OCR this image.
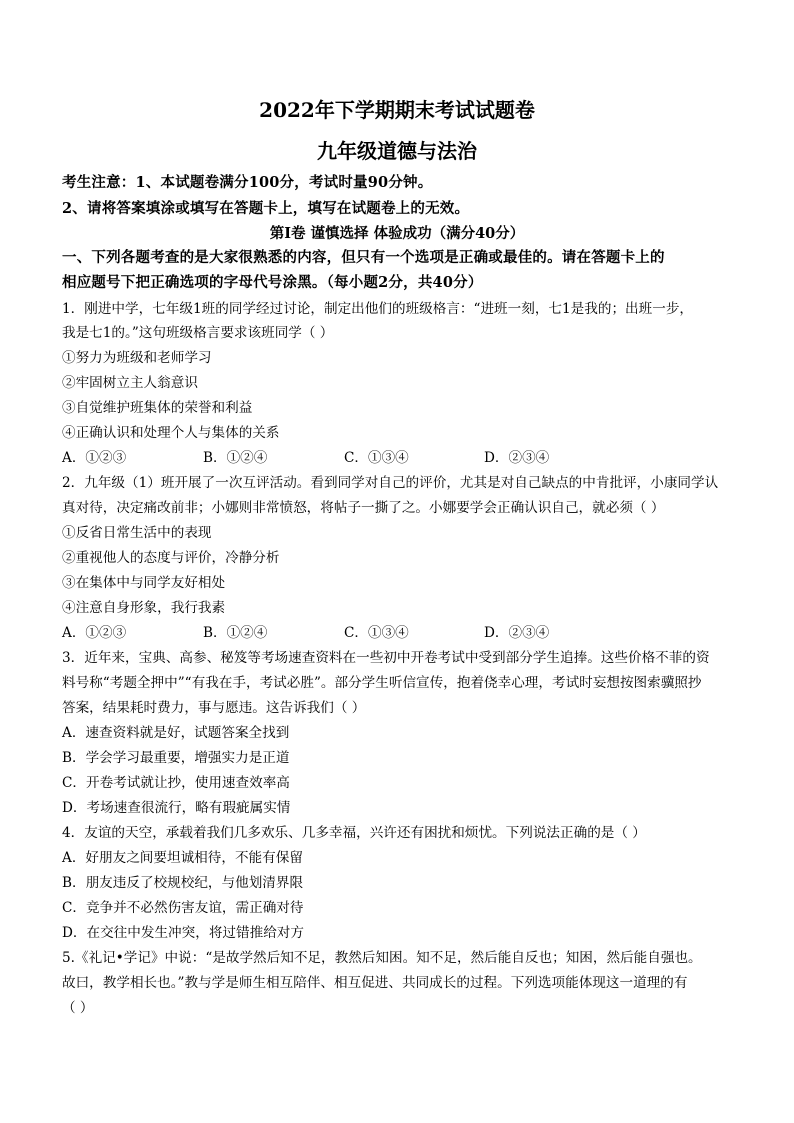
2022年下学期期末考试试题卷
九年级道德与法治
考生注意：1、本试题卷满分100分，考试时量90分钟。
2、请将答案填涂或填写在答题卡上，填写在试题卷上的无效。
第Ⅰ卷 谨慎选择 体验成功（满分40分）
一、下列各题考查的是大家很熟悉的内容，但只有一个选项是正确或最佳的。请在答题卡上的
相应题号下把正确选项的字母代号涂黑。（每小题2分，共40分）
1．刚进中学，七年级1班的同学经过讨论，制定出他们的班级格言：“进班一刻，七1是我的；出班一步，
我是七1的。”这句班级格言要求该班同学（ ）
①努力为班级和老师学习
②牢固树立主人翁意识
③自觉维护班集体的荣誉和利益
④正确认识和处理个人与集体的关系
A．①②③	B．①②④	C．①③④	D．②③④
2．九年级（1）班开展了一次互评活动。看到同学对自己的评价，尤其是对自己缺点的中肯批评，小康同学认
真对待，决定痛改前非；小娜则非常愤怒，将帖子一撕了之。小娜要学会正确认识自己，就必须（ ）
①反省日常生活中的表现
②重视他人的态度与评价，冷静分析
③在集体中与同学友好相处
④注意自身形象，我行我素
A．①②③	B．①②④	C．①③④	D．②③④
3．近年来，宝典、高参、秘笈等考场速查资料在一些初中开卷考试中受到部分学生追捧。这些价格不菲的资
料号称“考题全押中”“有我在手，考试必胜”。部分学生听信宣传，抱着侥幸心理，考试时妄想按图索骥照抄
答案，结果耗时费力，事与愿违。这告诉我们（ ）
A．速查资料就是好，试题答案全找到
B．学会学习最重要，增强实力是正道
C．开卷考试就让抄，使用速查效率高
D．考场速查很流行，略有瑕疵属实情
4．友谊的天空，承载着我们几多欢乐、几多幸福，兴许还有困扰和烦忧。下列说法正确的是（ ）
A．好朋友之间要坦诚相待，不能有保留
B．朋友违反了校规校纪，与他划清界限
C．竞争并不必然伤害友谊，需正确对待
D．在交往中发生冲突，将过错推给对方
5.《礼记•学记》中说：“是故学然后知不足，教然后知困。知不足，然后能自反也；知困，然后能自强也。
故曰，教学相长也。”教与学是师生相互陪伴、相互促进、共同成长的过程。下列选项能体现这一道理的有
（ ）
